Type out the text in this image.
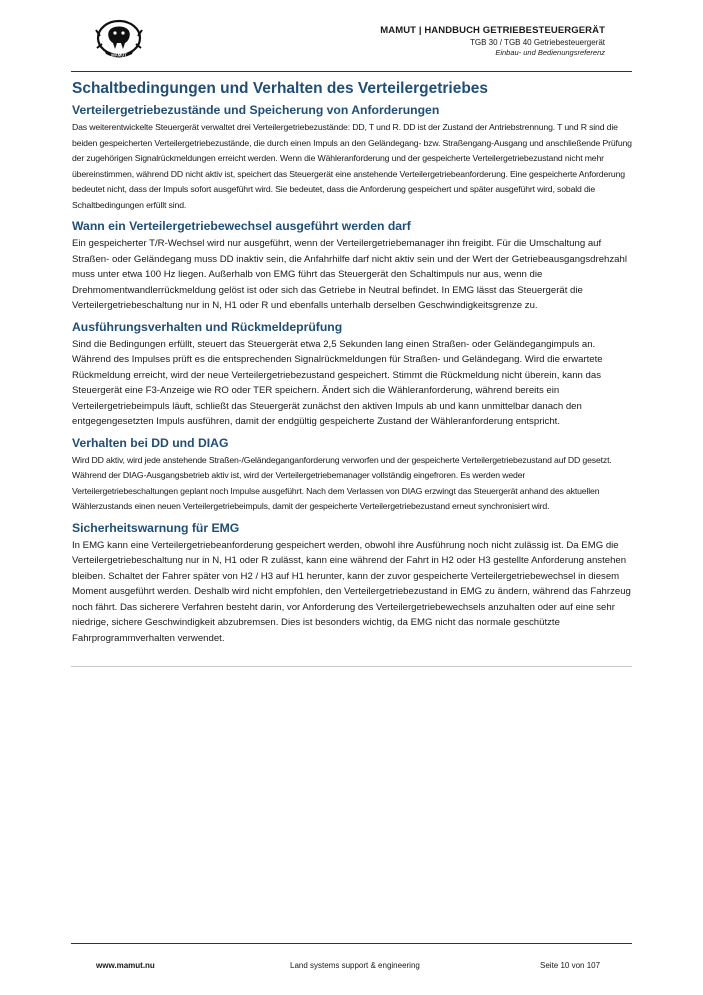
MAMUT
MAMUT | HANDBUCH GETRIEBESTEUERGERÄT
TGB 30 / TGB 40 Getriebesteuergerät
Einbau- und Bedienungsreferenz
Schaltbedingungen und Verhalten des Verteilergetriebes
Verteilergetriebezustände und Speicherung von Anforderungen

Das weiterentwickelte Steuergerät verwaltet drei Verteilergetriebezustände: DD, T und R. DD ist der Zustand der Antriebstrennung. T und R sind die beiden gespeicherten Verteilergetriebezustände, die durch einen Impuls an den Geländegang- bzw. Straßengang-Ausgang und anschließende Prüfung der zugehörigen Signalrückmeldungen erreicht werden. Wenn die Wähleranforderung und der gespeicherte Verteilergetriebezustand nicht mehr übereinstimmen, während DD nicht aktiv ist, speichert das Steuergerät eine anstehende Verteilergetriebeanforderung. Eine gespeicherte Anforderung bedeutet nicht, dass der Impuls sofort ausgeführt wird. Sie bedeutet, dass die Anforderung gespeichert und später ausgeführt wird, sobald die Schaltbedingungen erfüllt sind.

Wann ein Verteilergetriebewechsel ausgeführt werden darf

Ein gespeicherter T/R-Wechsel wird nur ausgeführt, wenn der Verteilergetriebemanager ihn freigibt. Für die Umschaltung auf Straßen- oder Geländegang muss DD inaktiv sein, die Anfahrhilfe darf nicht aktiv sein und der Wert der Getriebeausgangsdrehzahl muss unter etwa 100 Hz liegen. Außerhalb von EMG führt das Steuergerät den Schaltimpuls nur aus, wenn die Drehmomentwandlerrückmeldung gelöst ist oder sich das Getriebe in Neutral befindet. In EMG lässt das Steuergerät die Verteilergetriebeschaltung nur in N, H1 oder R und ebenfalls unterhalb derselben Geschwindigkeitsgrenze zu.

Ausführungsverhalten und Rückmeldeprüfung

Sind die Bedingungen erfüllt, steuert das Steuergerät etwa 2,5 Sekunden lang einen Straßen- oder Geländegangimpuls an. Während des Impulses prüft es die entsprechenden Signalrückmeldungen für Straßen- und Geländegang. Wird die erwartete Rückmeldung erreicht, wird der neue Verteilergetriebezustand gespeichert. Stimmt die Rückmeldung nicht überein, kann das Steuergerät eine F3-Anzeige wie RO oder TER speichern. Ändert sich die Wähleranforderung, während bereits ein Verteilergetriebeimpuls läuft, schließt das Steuergerät zunächst den aktiven Impuls ab und kann unmittelbar danach den entgegengesetzten Impuls ausführen, damit der endgültig gespeicherte Zustand der Wähleranforderung entspricht.

Verhalten bei DD und DIAG

Wird DD aktiv, wird jede anstehende Straßen-/Geländeganganforderung verworfen und der gespeicherte Verteilergetriebezustand auf DD gesetzt. Während der DIAG-Ausgangsbetrieb aktiv ist, wird der Verteilergetriebemanager vollständig eingefroren. Es werden weder Verteilergetriebeschaltungen geplant noch Impulse ausgeführt. Nach dem Verlassen von DIAG erzwingt das Steuergerät anhand des aktuellen Wählerzustands einen neuen Verteilergetriebeimpuls, damit der gespeicherte Verteilergetriebezustand erneut synchronisiert wird.

Sicherheitswarnung für EMG

In EMG kann eine Verteilergetriebeanforderung gespeichert werden, obwohl ihre Ausführung noch nicht zulässig ist. Da EMG die Verteilergetriebeschaltung nur in N, H1 oder R zulässt, kann eine während der Fahrt in H2 oder H3 gestellte Anforderung anstehen bleiben. Schaltet der Fahrer später von H2 / H3 auf H1 herunter, kann der zuvor gespeicherte Verteilergetriebewechsel in diesem Moment ausgeführt werden. Deshalb wird nicht empfohlen, den Verteilergetriebezustand in EMG zu ändern, während das Fahrzeug noch fährt. Das sicherere Verfahren besteht darin, vor Anforderung des Verteilergetriebewechsels anzuhalten oder auf eine sehr niedrige, sichere Geschwindigkeit abzubremsen. Dies ist besonders wichtig, da EMG nicht das normale geschützte Fahrprogrammverhalten verwendet.

www.mamut.nu	Land systems support & engineering	Seite 10 von 107
